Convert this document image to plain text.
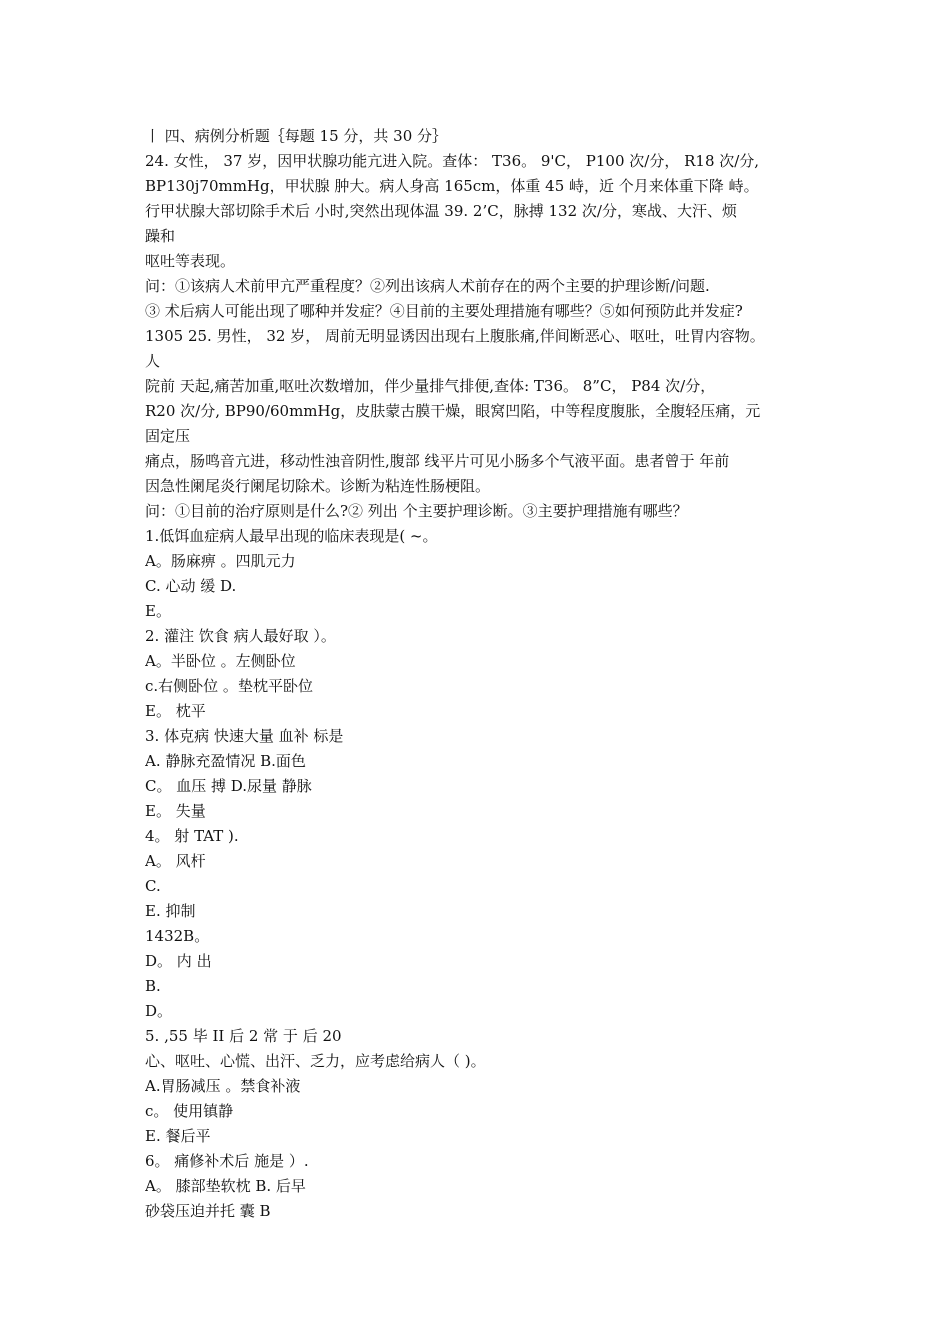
丨 四、病例分析题｛每题 15 分，共 30 分｝
24. 女性， 37 岁，因甲状腺功能亢进入院。查体： T36。 9'C， P100 次/分， R18 次/分,
BP130j70mmHg，甲状腺 肿大。病人身高 165cm，体重 45 峙，近 个月来体重下降 峙。
行甲状腺大部切除手术后 小时,突然出现体温 39. 2’C，脉搏 132 次/分，寒战、大汗、烦
躁和
呕吐等表现。
问：①该病人术前甲亢严重程度？②列出该病人术前存在的两个主要的护理诊断/问题.
③ 术后病人可能出现了哪种并发症？④目前的主要处理措施有哪些？⑤如何预防此并发症?
1305 25. 男性， 32 岁， 周前无明显诱因出现右上腹胀痛,伴间断恶心、呕吐，吐胃内容物。
人
院前 天起,痛苦加重,呕吐次数增加，伴少量排气排便,查体: T36。 8”C， P84 次/分，
R20 次/分, BP90/60mmHg，皮肤蒙古膜干燥，眼窝凹陷，中等程度腹胀，全腹轻压痛，元
固定压
痛点，肠鸣音亢进，移动性浊音阴性,腹部 线平片可见小肠多个气液平面。患者曾于 年前
因急性阑尾炎行阑尾切除术。诊断为粘连性肠梗阻。
问：①目前的治疗原则是什么?② 列出 个主要护理诊断。③主要护理措施有哪些？
1.低饵血症病人最早出现的临床表现是( ~。
A。肠麻痹 。四肌元力
C. 心动 缓 D.
E。
2. 灌注 饮食 病人最好取 ）。
A。半卧位 。左侧卧位
c.右侧卧位 。垫枕平卧位
E。 枕平
3. 体克病 快速大量 血补 标是
A. 静脉充盈情况 B.面色
C。 血压 搏 D.尿量 静脉
E。 失量
4。 射 TAT ).
A。 风杆
C.
E. 抑制
1432B。
D。 内 出
B.
D。
5. ,55 毕 II 后 2 常 于 后 20
心、呕吐、心慌、出汗、乏力，应考虑给病人（ )。
A.胃肠减压 。禁食补液
c。 使用镇静
E. 餐后平
6。 痛修补术后 施是 ）.
A。 膝部垫软枕 B. 后早
砂袋压迫并托 囊 B
